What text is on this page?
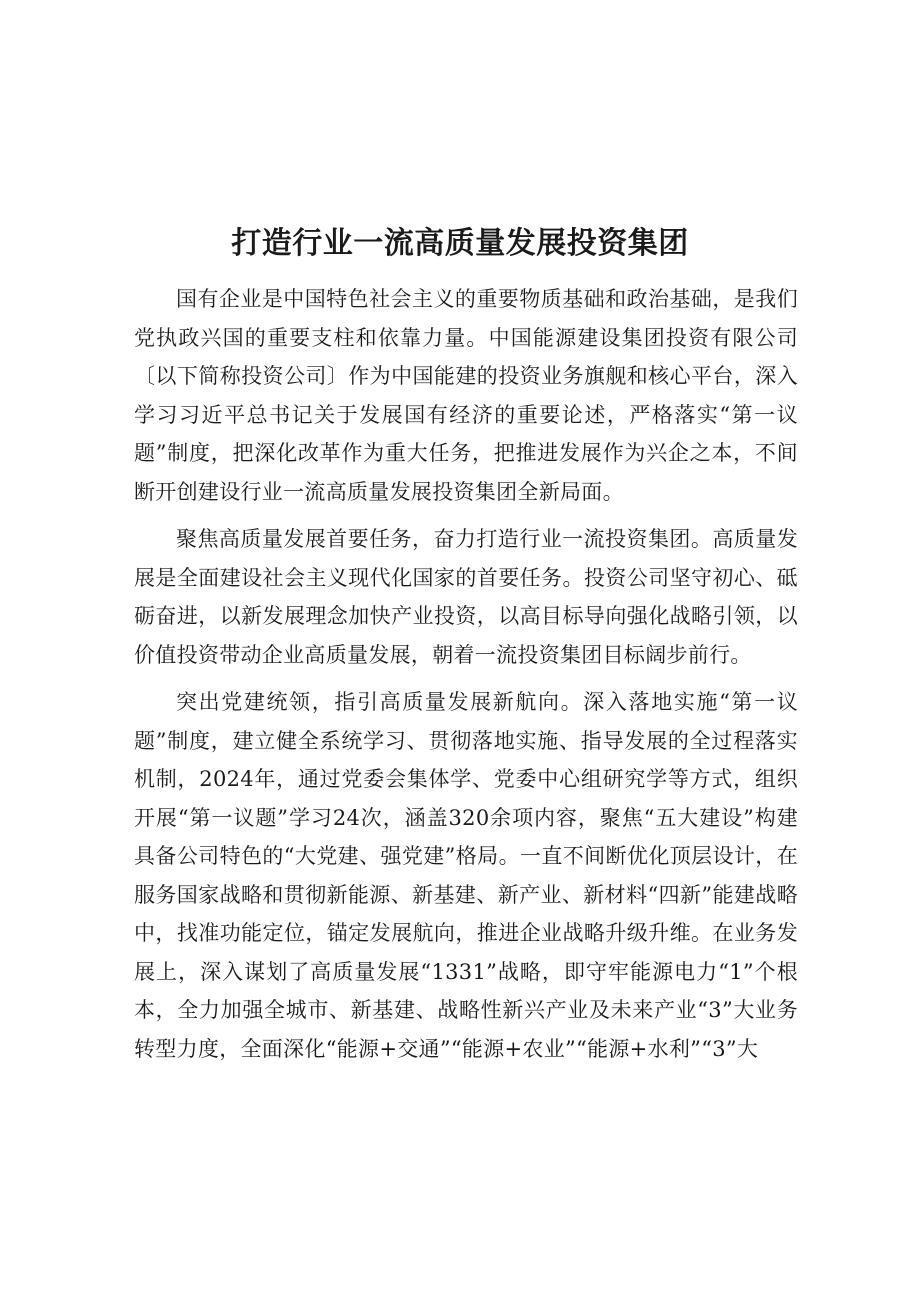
打造行业一流高质量发展投资集团

国有企业是中国特色社会主义的重要物质基础和政治基础，是我们党执政兴国的重要支柱和依靠力量。中国能源建设集团投资有限公司〔以下简称投资公司〕作为中国能建的投资业务旗舰和核心平台，深入学习习近平总书记关于发展国有经济的重要论述，严格落实“第一议题”制度，把深化改革作为重大任务，把推进发展作为兴企之本，不间断开创建设行业一流高质量发展投资集团全新局面。

聚焦高质量发展首要任务，奋力打造行业一流投资集团。高质量发展是全面建设社会主义现代化国家的首要任务。投资公司坚守初心、砥砺奋进，以新发展理念加快产业投资，以高目标导向强化战略引领，以价值投资带动企业高质量发展，朝着一流投资集团目标阔步前行。

突出党建统领，指引高质量发展新航向。深入落地实施“第一议题”制度，建立健全系统学习、贯彻落地实施、指导发展的全过程落实机制，2024年，通过党委会集体学、党委中心组研究学等方式，组织开展“第一议题”学习24次，涵盖320余项内容，聚焦“五大建设”构建具备公司特色的“大党建、强党建”格局。一直不间断优化顶层设计，在服务国家战略和贯彻新能源、新基建、新产业、新材料“四新”能建战略中，找准功能定位，锚定发展航向，推进企业战略升级升维。在业务发展上，深入谋划了高质量发展“1331”战略，即守牢能源电力“1”个根本，全力加强全城市、新基建、战略性新兴产业及未来产业“3”大业务转型力度，全面深化“能源+交通”“能源+农业”“能源+水利”“3”大
